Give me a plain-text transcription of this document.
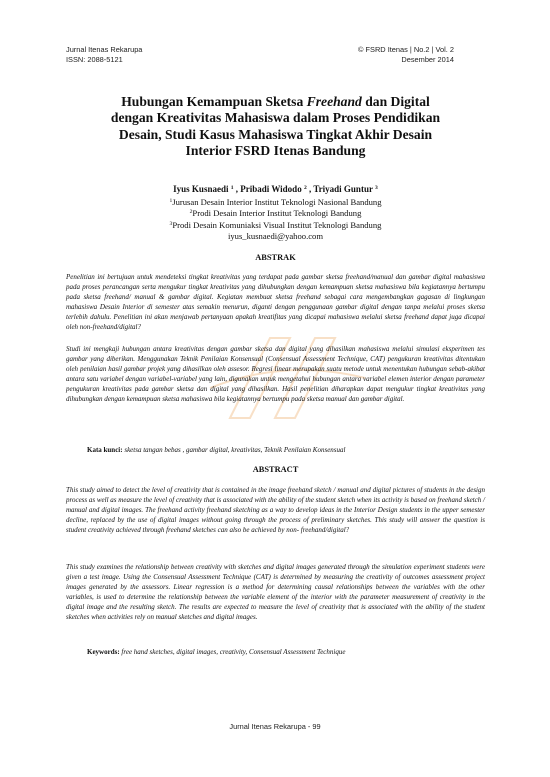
Jurnal Itenas Rekarupa
ISSN: 2088-5121
© FSRD Itenas | No.2 | Vol. 2
Desember 2014
Hubungan Kemampuan Sketsa Freehand dan Digital
dengan Kreativitas Mahasiswa dalam Proses Pendidikan
Desain, Studi Kasus Mahasiswa Tingkat Akhir Desain
Interior FSRD Itenas Bandung
Iyus Kusnaedi $^1$ , Pribadi Widodo $^2$ , Triyadi Guntur $^3$
$^1$Jurusan Desain Interior Institut Teknologi Nasional Bandung
$^2$Prodi Desain Interior Institut Teknologi Bandung
$^3$Prodi Desain Komuniaksi Visual Institut Teknologi Bandung
iyus_kusnaedi@yahoo.com
ABSTRAK

Penelitian ini bertujuan untuk mendeteksi tingkat kreativitas yang terdapat pada gambar sketsa freehand/manual dan gambar digital mahasiswa pada proses perancangan serta mengukur tingkat kreativitas yang dihubungkan dengan kemampuan sketsa mahasiswa bila kegiatannya bertumpu pada sketsa freehand/ manual & gambar digital. Kegiatan membuat sketsa freehand sebagai cara mengembangkan gagasan di lingkungan mahasiswa Desain Interior di semester atas semakin menurun, diganti dengan penggunaan gambar digital dengan tanpa melalui proses sketsa terlebih dahulu. Penelitian ini akan menjawab pertanyaan apakah kreatifitas yang dicapai mahasiswa melalui sketsa freehand dapat juga dicapai oleh non-freehand/digital?

Studi ini mengkaji hubungan antara kreativitas dengan gambar sketsa dan digital yang dihasilkan mahasiswa melalui simulasi eksperimen tes gambar yang diberikan. Menggunakan Teknik Penilaian Konsensual (Consensual Assessment Technique, CAT) pengukuran kreativitas ditentukan oleh penilaian hasil gambar projek yang dihasilkan oleh assesor. Regresi linear merupakan suatu metode untuk menentukan hubungan sebab-akibat antara satu variabel dengan variabel-variabel yang lain, digunakan untuk mengetahui hubungan antara variabel elemen interior dengan parameter pengukuran kreativitas pada gambar sketsa dan digital yang dihasilkan. Hasil penelitian diharapkan dapat mengukur tingkat kreativitas yang dihubungkan dengan kemampuan sketsa mahasiswa bila kegiatannya bertumpu pada sketsa manual dan gambar digital.

Kata kunci: sketsa tangan bebas , gambar digital, kreativitas, Teknik Penilaian Konsensual
ABSTRACT

This study aimed to detect the level of creativity that is contained in the image freehand sketch / manual and digital pictures of students in the design process as well as measure the level of creativity that is associated with the ability of the student sketch when its activity is based on freehand sketch / manual and digital images. The freehand activity freehand sketching as a way to develop ideas in the Interior Design students in the upper semester decline, replaced by the use of digital images without going through the process of preliminary sketches. This study will answer the question is student creativity achieved through freehand sketches can also be achieved by non- freehand/digital?

This study examines the relationship between creativity with sketches and digital images generated through the simulation experiment students were given a test image. Using the Consensual Assessment Technique (CAT) is determined by measuring the creativity of outcomes assessment project images generated by the assessors. Linear regression is a method for determining causal relationships between the variables with the other variables, is used to determine the relationship between the variable element of the interior with the parameter measurement of creativity in the digital image and the resulting sketch. The results are expected to measure the level of creativity that is associated with the ability of the student sketches when activities rely on manual sketches and digital images.

Keywords: free hand sketches, digital images, creativity, Consensual Assessment Technique
Jurnal Itenas Rekarupa - 99
